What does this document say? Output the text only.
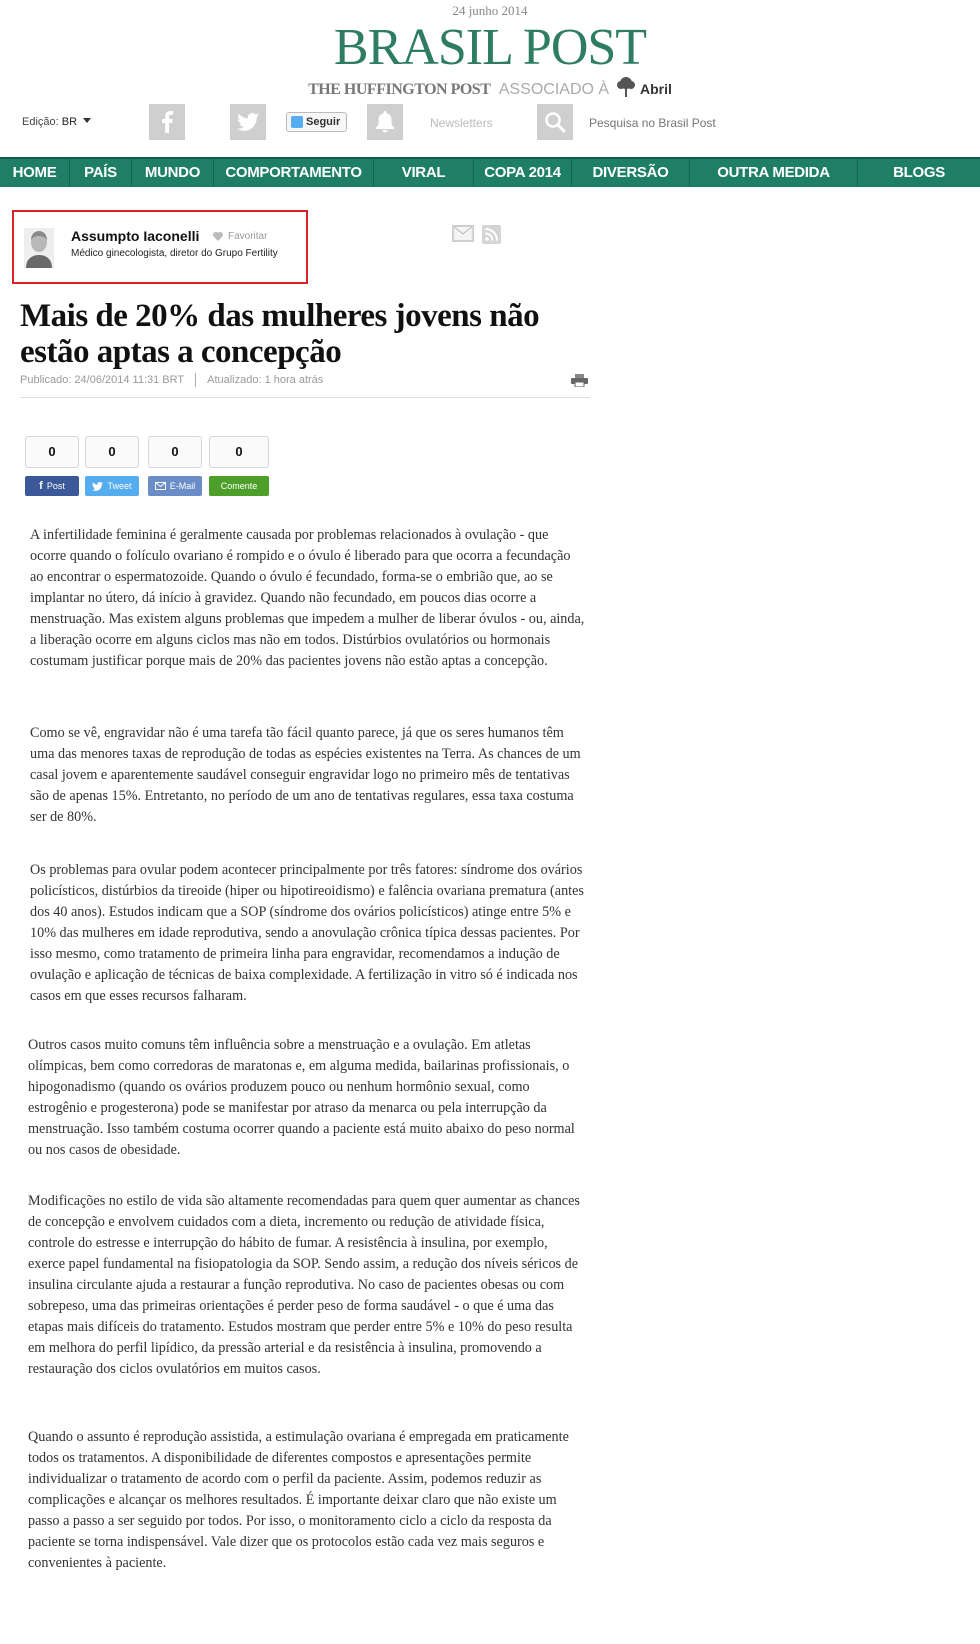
24 junho 2014
BRASIL POST
THE HUFFINGTON POST ASSOCIADO À Abril
Edição: BR	Seguir	Newsletters
Pesquisa no Brasil Post
HOME	PAÍS	MUNDO	COMPORTAMENTO	VIRAL	COPA 2014	DIVERSÃO	OUTRA MEDIDA	BLOGS
Assumpto Iaconelli	Favoritar
Médico ginecologista, diretor do Grupo Fertility
Mais de 20% das mulheres jovens não estão aptas a concepção
Publicado: 24/06/2014 11:31 BRT Atualizado: 1 hora atrás
0
f Post
0
Tweet
0
E-Mail
0
Comente

A infertilidade feminina é geralmente causada por problemas relacionados à ovulação - que ocorre quando o folículo ovariano é rompido e o óvulo é liberado para que ocorra a fecundação ao encontrar o espermatozoide. Quando o óvulo é fecundado, forma-se o embrião que, ao se implantar no útero, dá início à gravidez. Quando não fecundado, em poucos dias ocorre a menstruação. Mas existem alguns problemas que impedem a mulher de liberar óvulos - ou, ainda, a liberação ocorre em alguns ciclos mas não em todos. Distúrbios ovulatórios ou hormonais costumam justificar porque mais de 20% das pacientes jovens não estão aptas a concepção.

Como se vê, engravidar não é uma tarefa tão fácil quanto parece, já que os seres humanos têm uma das menores taxas de reprodução de todas as espécies existentes na Terra. As chances de um casal jovem e aparentemente saudável conseguir engravidar logo no primeiro mês de tentativas são de apenas 15%. Entretanto, no período de um ano de tentativas regulares, essa taxa costuma ser de 80%.

Os problemas para ovular podem acontecer principalmente por três fatores: síndrome dos ovários policísticos, distúrbios da tireoide (hiper ou hipotireoidismo) e falência ovariana prematura (antes dos 40 anos). Estudos indicam que a SOP (síndrome dos ovários policísticos) atinge entre 5% e 10% das mulheres em idade reprodutiva, sendo a anovulação crônica típica dessas pacientes. Por isso mesmo, como tratamento de primeira linha para engravidar, recomendamos a indução de ovulação e aplicação de técnicas de baixa complexidade. A fertilização in vitro só é indicada nos casos em que esses recursos falharam.

Outros casos muito comuns têm influência sobre a menstruação e a ovulação. Em atletas olímpicas, bem como corredoras de maratonas e, em alguma medida, bailarinas profissionais, o hipogonadismo (quando os ovários produzem pouco ou nenhum hormônio sexual, como estrogênio e progesterona) pode se manifestar por atraso da menarca ou pela interrupção da menstruação. Isso também costuma ocorrer quando a paciente está muito abaixo do peso normal ou nos casos de obesidade.

Modificações no estilo de vida são altamente recomendadas para quem quer aumentar as chances de concepção e envolvem cuidados com a dieta, incremento ou redução de atividade física, controle do estresse e interrupção do hábito de fumar. A resistência à insulina, por exemplo, exerce papel fundamental na fisiopatologia da SOP. Sendo assim, a redução dos níveis séricos de insulina circulante ajuda a restaurar a função reprodutiva. No caso de pacientes obesas ou com sobrepeso, uma das primeiras orientações é perder peso de forma saudável - o que é uma das etapas mais difíceis do tratamento. Estudos mostram que perder entre 5% e 10% do peso resulta em melhora do perfil lipídico, da pressão arterial e da resistência à insulina, promovendo a restauração dos ciclos ovulatórios em muitos casos.

Quando o assunto é reprodução assistida, a estimulação ovariana é empregada em praticamente todos os tratamentos. A disponibilidade de diferentes compostos e apresentações permite individualizar o tratamento de acordo com o perfil da paciente. Assim, podemos reduzir as complicações e alcançar os melhores resultados. É importante deixar claro que não existe um passo a passo a ser seguido por todos. Por isso, o monitoramento ciclo a ciclo da resposta da paciente se torna indispensável. Vale dizer que os protocolos estão cada vez mais seguros e convenientes à paciente.
